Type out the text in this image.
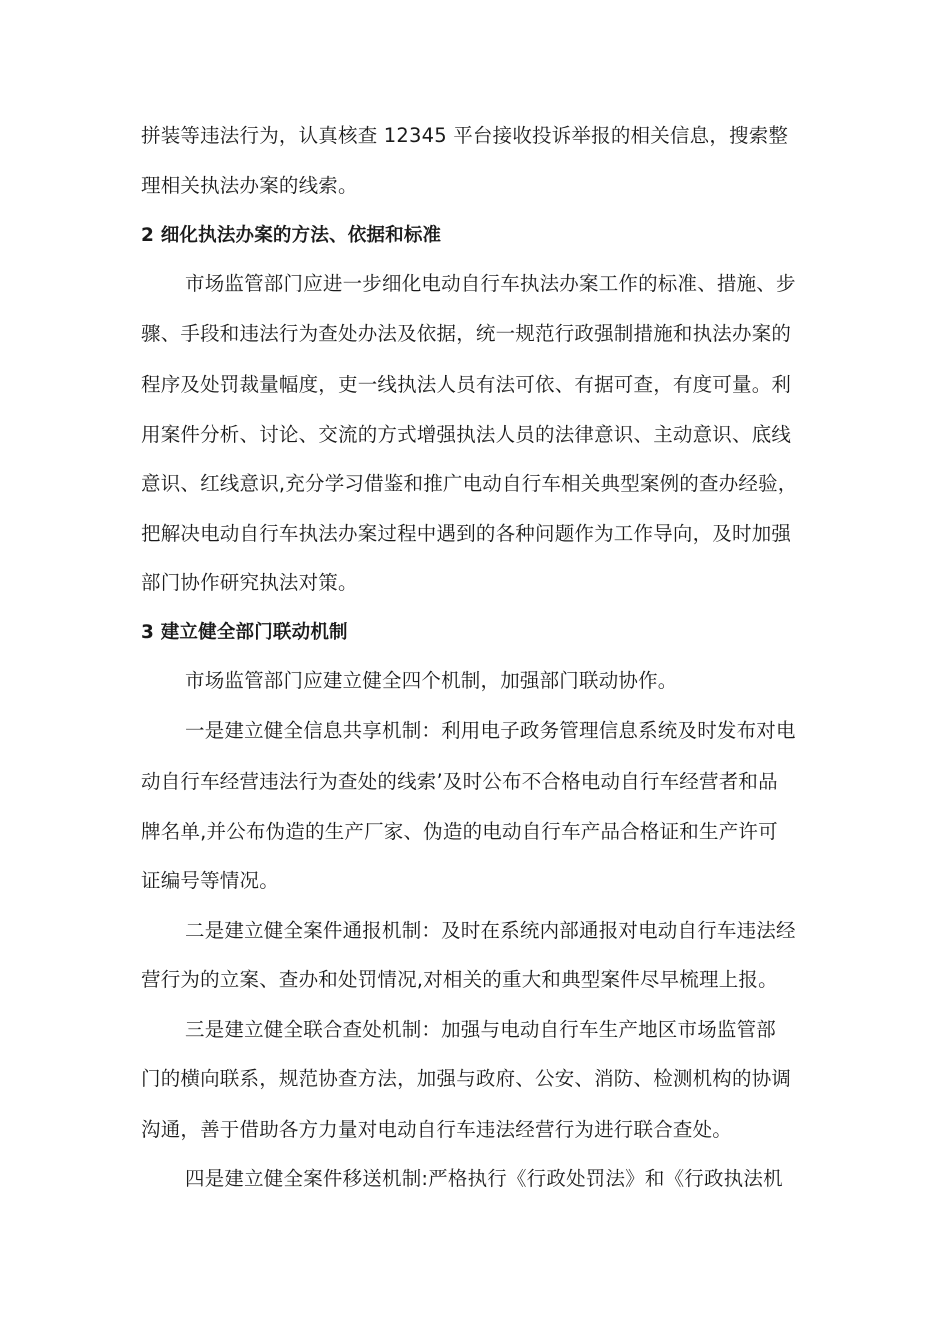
拼装等违法行为，认真核查 12345 平台接收投诉举报的相关信息，搜索整
理相关执法办案的线索。
2 细化执法办案的方法、依据和标准
市场监管部门应进一步细化电动自行车执法办案工作的标准、措施、步
骤、手段和违法行为查处办法及依据，统一规范行政强制措施和执法办案的
程序及处罚裁量幅度，吏一线执法人员有法可依、有据可查，有度可量。利
用案件分析、讨论、交流的方式增强执法人员的法律意识、主动意识、底线
意识、红线意识,充分学习借鉴和推广电动自行车相关典型案例的查办经验，
把解决电动自行车执法办案过程中遇到的各种问题作为工作导向，及时加强
部门协作研究执法对策。
3 建立健全部门联动机制
市场监管部门应建立健全四个机制，加强部门联动协作。
一是建立健全信息共享机制：利用电子政务管理信息系统及时发布对电
动自行车经营违法行为查处的线索’及时公布不合格电动自行车经营者和品
牌名单,并公布伪造的生产厂家、伪造的电动自行车产品合格证和生产许可
证编号等情况。
二是建立健全案件通报机制：及时在系统内部通报对电动自行车违法经
营行为的立案、查办和处罚情况,对相关的重大和典型案件尽早梳理上报。
三是建立健全联合查处机制：加强与电动自行车生产地区市场监管部
门的横向联系，规范协查方法，加强与政府、公安、消防、检测机构的协调
沟通，善于借助各方力量对电动自行车违法经营行为进行联合查处。
四是建立健全案件移送机制:严格执行《行政处罚法》和《行政执法机
